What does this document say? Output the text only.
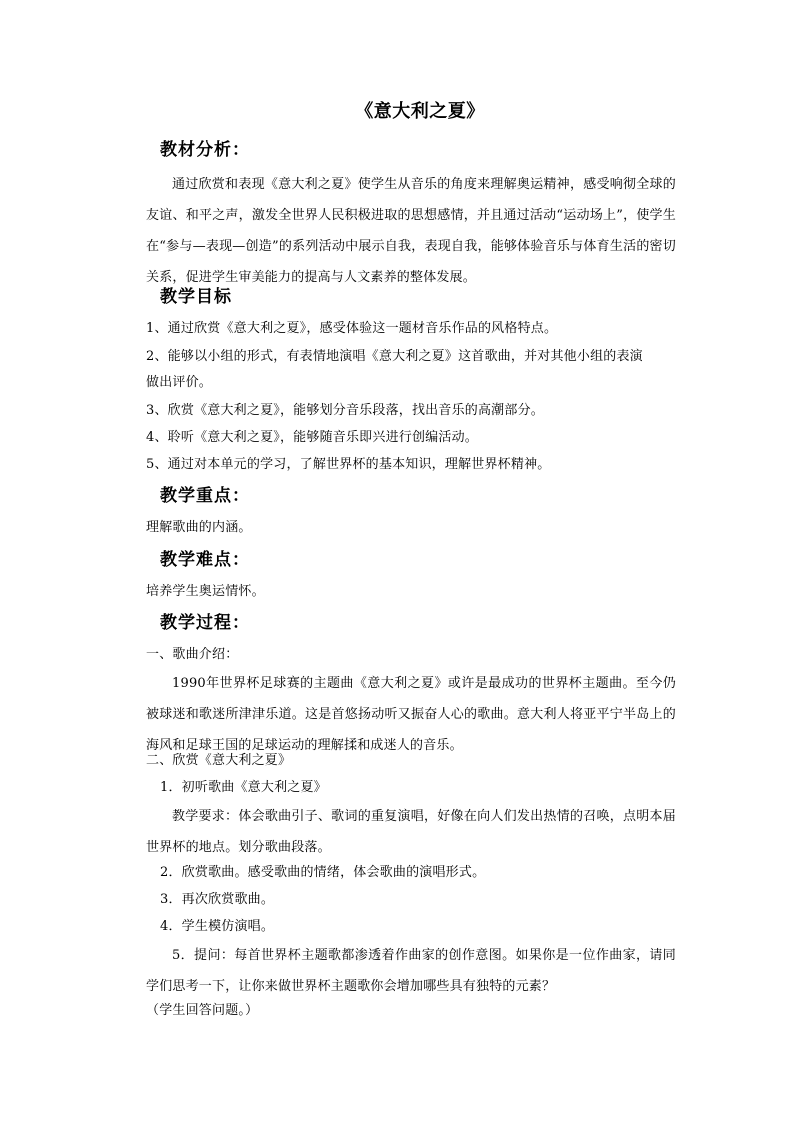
《意大利之夏》
教材分析：
通过欣赏和表现《意大利之夏》使学生从音乐的角度来理解奥运精神，感受响彻全球的友谊、和平之声，激发全世界人民积极进取的思想感情，并且通过活动“运动场上”，使学生在“参与—表现—创造”的系列活动中展示自我，表现自我，能够体验音乐与体育生活的密切关系，促进学生审美能力的提高与人文素养的整体发展。
教学目标
1、通过欣赏《意大利之夏》，感受体验这一题材音乐作品的风格特点。
2、能够以小组的形式，有表情地演唱《意大利之夏》这首歌曲，并对其他小组的表演
做出评价。
3、欣赏《意大利之夏》，能够划分音乐段落，找出音乐的高潮部分。
4、聆听《意大利之夏》，能够随音乐即兴进行创编活动。
5、通过对本单元的学习，了解世界杯的基本知识，理解世界杯精神。
教学重点：
理解歌曲的内涵。
教学难点：
培养学生奥运情怀。
教学过程：
一、歌曲介绍：
1990年世界杯足球赛的主题曲《意大利之夏》或许是最成功的世界杯主题曲。至今仍被球迷和歌迷所津津乐道。这是首悠扬动听又振奋人心的歌曲。意大利人将亚平宁半岛上的海风和足球王国的足球运动的理解揉和成迷人的音乐。
二、欣赏《意大利之夏》
1．初听歌曲《意大利之夏》
教学要求：体会歌曲引子、歌词的重复演唱，好像在向人们发出热情的召唤，点明本届世界杯的地点。划分歌曲段落。
2．欣赏歌曲。感受歌曲的情绪，体会歌曲的演唱形式。
3．再次欣赏歌曲。
4．学生模仿演唱。
5．提问：每首世界杯主题歌都渗透着作曲家的创作意图。如果你是一位作曲家，请同学们思考一下，让你来做世界杯主题歌你会增加哪些具有独特的元素？
（学生回答问题。）
